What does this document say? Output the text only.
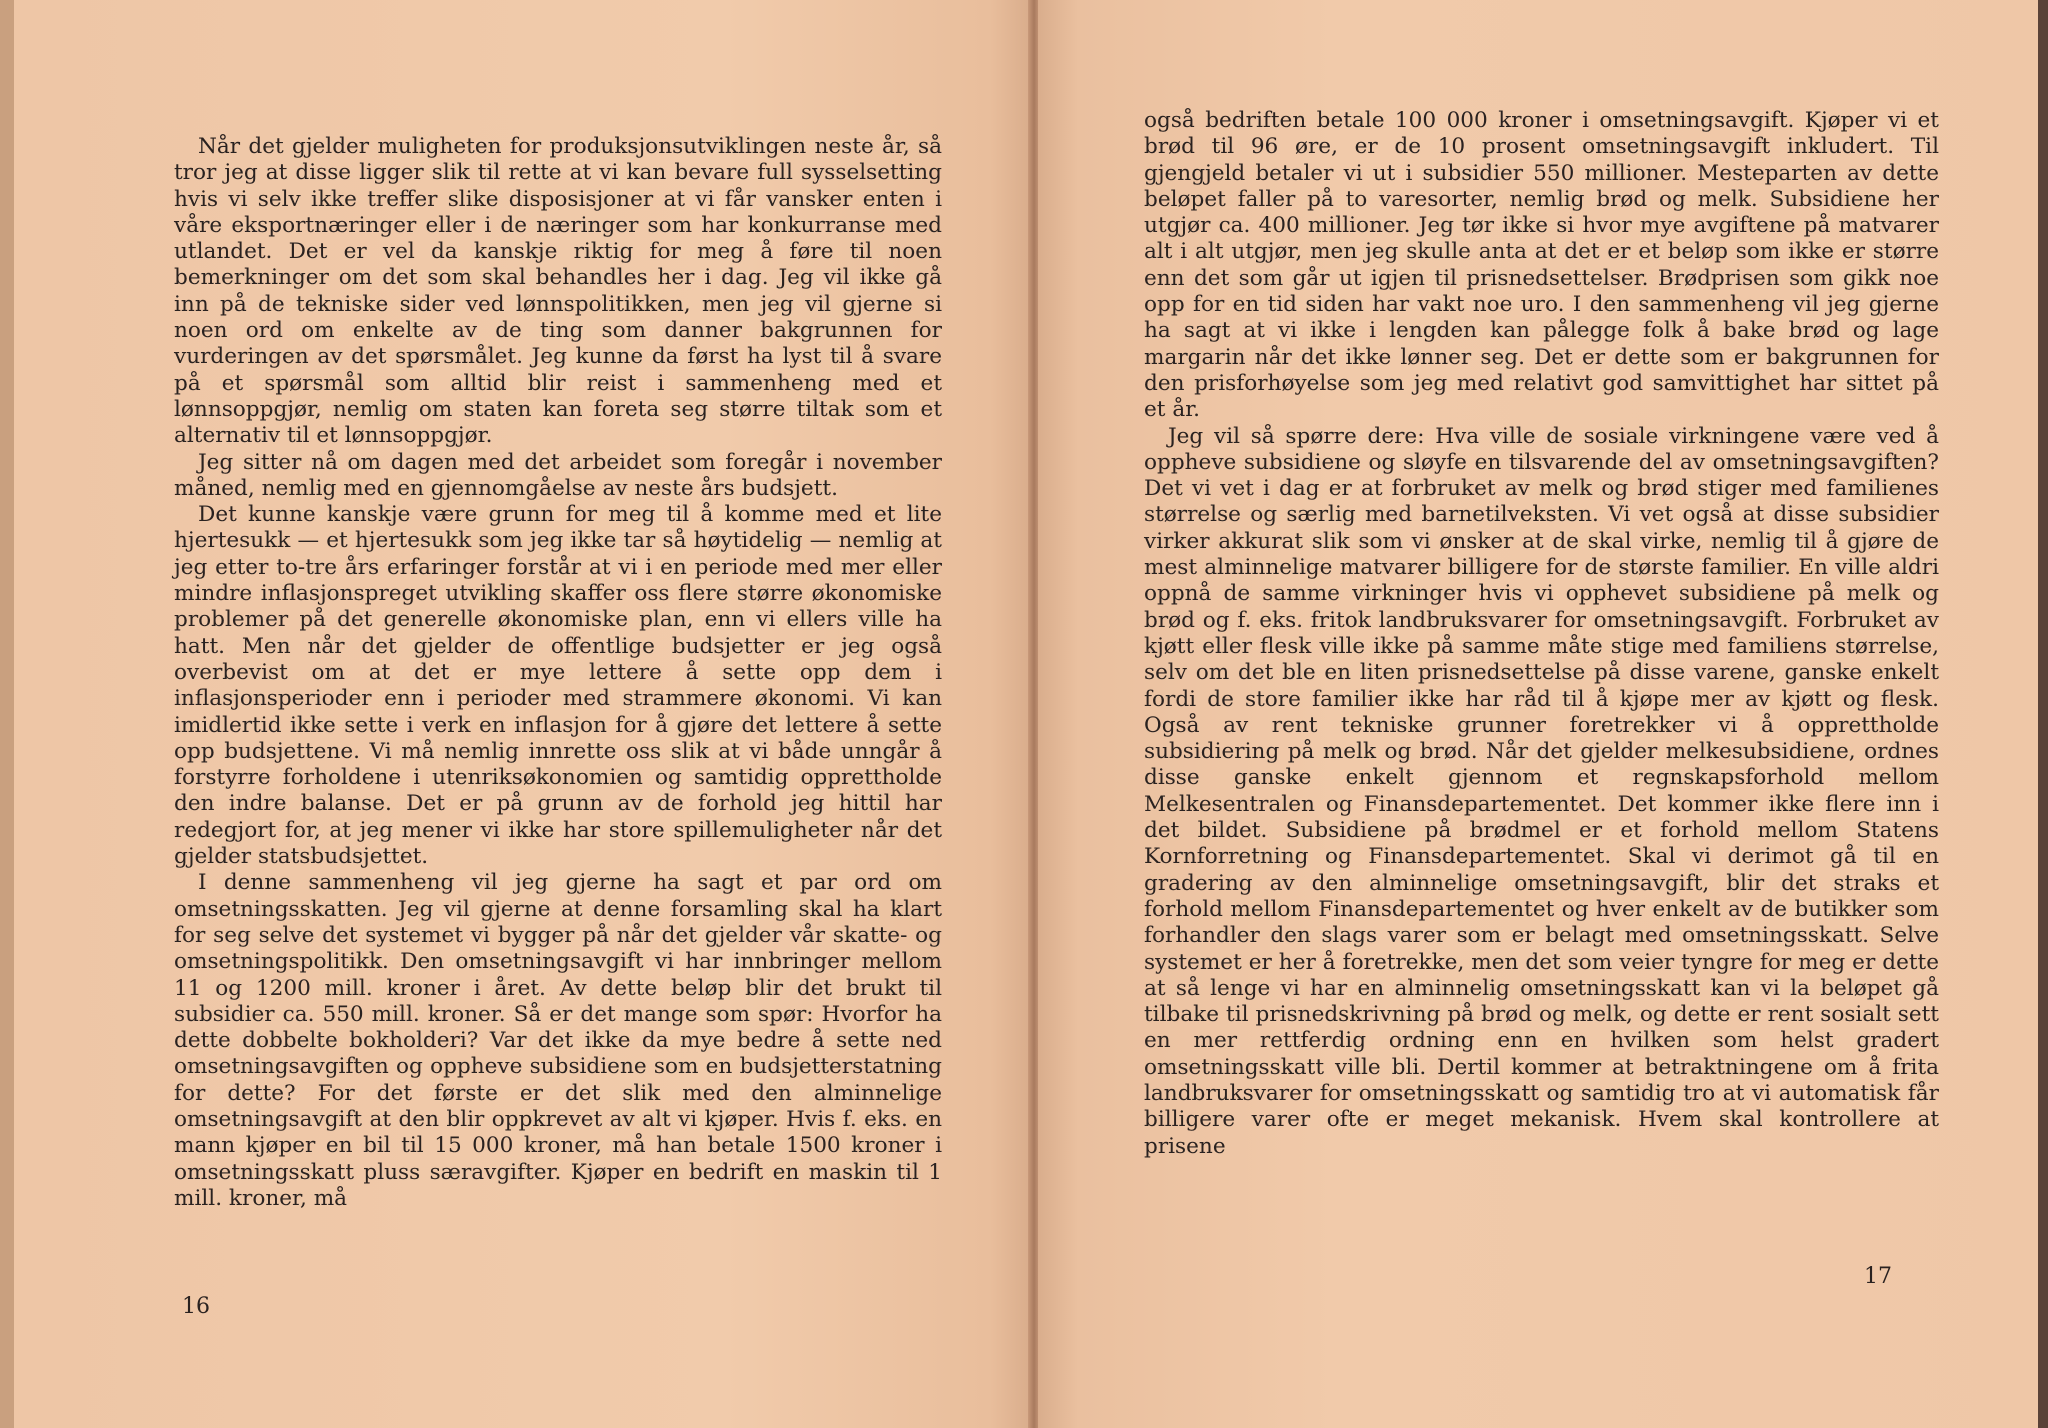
Når det gjelder muligheten for produksjonsutviklingen neste år, så tror jeg at disse ligger slik til rette at vi kan bevare full sysselsetting hvis vi selv ikke treffer slike disposisjoner at vi får vansker enten i våre eksportnæringer eller i de næringer som har konkurranse med utlandet. Det er vel da kanskje riktig for meg å føre til noen bemerkninger om det som skal behandles her i dag. Jeg vil ikke gå inn på de tekniske sider ved lønnspolitikken, men jeg vil gjerne si noen ord om enkelte av de ting som danner bakgrunnen for vurderingen av det spørsmålet. Jeg kunne da først ha lyst til å svare på et spørsmål som alltid blir reist i sammenheng med et lønnsoppgjør, nemlig om staten kan foreta seg større tiltak som et alternativ til et lønnsoppgjør.

Jeg sitter nå om dagen med det arbeidet som foregår i november måned, nemlig med en gjennomgåelse av neste års budsjett.

Det kunne kanskje være grunn for meg til å komme med et lite hjertesukk — et hjertesukk som jeg ikke tar så høytidelig — nemlig at jeg etter to-tre års erfaringer forstår at vi i en periode med mer eller mindre inflasjonspreget utvikling skaffer oss flere større økonomiske problemer på det generelle økonomiske plan, enn vi ellers ville ha hatt. Men når det gjelder de offentlige budsjetter er jeg også overbevist om at det er mye lettere å sette opp dem i inflasjonsperioder enn i perioder med strammere økonomi. Vi kan imidlertid ikke sette i verk en inflasjon for å gjøre det lettere å sette opp budsjettene. Vi må nemlig innrette oss slik at vi både unngår å forstyrre forholdene i utenriksøkonomien og samtidig opprettholde den indre balanse. Det er på grunn av de forhold jeg hittil har redegjort for, at jeg mener vi ikke har store spillemuligheter når det gjelder statsbudsjettet.

I denne sammenheng vil jeg gjerne ha sagt et par ord om omsetningsskatten. Jeg vil gjerne at denne forsamling skal ha klart for seg selve det systemet vi bygger på når det gjelder vår skatte- og omsetningspolitikk. Den omsetningsavgift vi har innbringer mellom 11 og 1200 mill. kroner i året. Av dette beløp blir det brukt til subsidier ca. 550 mill. kroner. Så er det mange som spør: Hvorfor ha dette dobbelte bokholderi? Var det ikke da mye bedre å sette ned omsetningsavgiften og oppheve subsidiene som en budsjetterstatning for dette? For det første er det slik med den alminnelige omsetningsavgift at den blir oppkrevet av alt vi kjøper. Hvis f. eks. en mann kjøper en bil til 15 000 kroner, må han betale 1500 kroner i omsetningsskatt pluss særavgifter. Kjøper en bedrift en maskin til 1 mill. kroner, må

16

også bedriften betale 100 000 kroner i omsetningsavgift. Kjøper vi et brød til 96 øre, er de 10 prosent omsetningsavgift inkludert. Til gjengjeld betaler vi ut i subsidier 550 millioner. Mesteparten av dette beløpet faller på to varesorter, nemlig brød og melk. Subsidiene her utgjør ca. 400 millioner. Jeg tør ikke si hvor mye avgiftene på matvarer alt i alt utgjør, men jeg skulle anta at det er et beløp som ikke er større enn det som går ut igjen til prisnedsettelser. Brødprisen som gikk noe opp for en tid siden har vakt noe uro. I den sammenheng vil jeg gjerne ha sagt at vi ikke i lengden kan pålegge folk å bake brød og lage margarin når det ikke lønner seg. Det er dette som er bakgrunnen for den prisforhøyelse som jeg med relativt god samvittighet har sittet på et år.

Jeg vil så spørre dere: Hva ville de sosiale virkningene være ved å oppheve subsidiene og sløyfe en tilsvarende del av omsetningsavgiften? Det vi vet i dag er at forbruket av melk og brød stiger med familienes størrelse og særlig med barnetilveksten. Vi vet også at disse subsidier virker akkurat slik som vi ønsker at de skal virke, nemlig til å gjøre de mest alminnelige matvarer billigere for de største familier. En ville aldri oppnå de samme virkninger hvis vi opphevet subsidiene på melk og brød og f. eks. fritok landbruksvarer for omsetningsavgift. Forbruket av kjøtt eller flesk ville ikke på samme måte stige med familiens størrelse, selv om det ble en liten prisnedsettelse på disse varene, ganske enkelt fordi de store familier ikke har råd til å kjøpe mer av kjøtt og flesk. Også av rent tekniske grunner foretrekker vi å opprettholde subsidiering på melk og brød. Når det gjelder melkesubsidiene, ordnes disse ganske enkelt gjennom et regnskapsforhold mellom Melkesentralen og Finansdepartementet. Det kommer ikke flere inn i det bildet. Subsidiene på brødmel er et forhold mellom Statens Kornforretning og Finansdepartementet. Skal vi derimot gå til en gradering av den alminnelige omsetningsavgift, blir det straks et forhold mellom Finansdepartementet og hver enkelt av de butikker som forhandler den slags varer som er belagt med omsetningsskatt. Selve systemet er her å foretrekke, men det som veier tyngre for meg er dette at så lenge vi har en alminnelig omsetningsskatt kan vi la beløpet gå tilbake til prisnedskrivning på brød og melk, og dette er rent sosialt sett en mer rettferdig ordning enn en hvilken som helst gradert omsetningsskatt ville bli. Dertil kommer at betraktningene om å frita landbruksvarer for omsetningsskatt og samtidig tro at vi automatisk får billigere varer ofte er meget mekanisk. Hvem skal kontrollere at prisene

17
